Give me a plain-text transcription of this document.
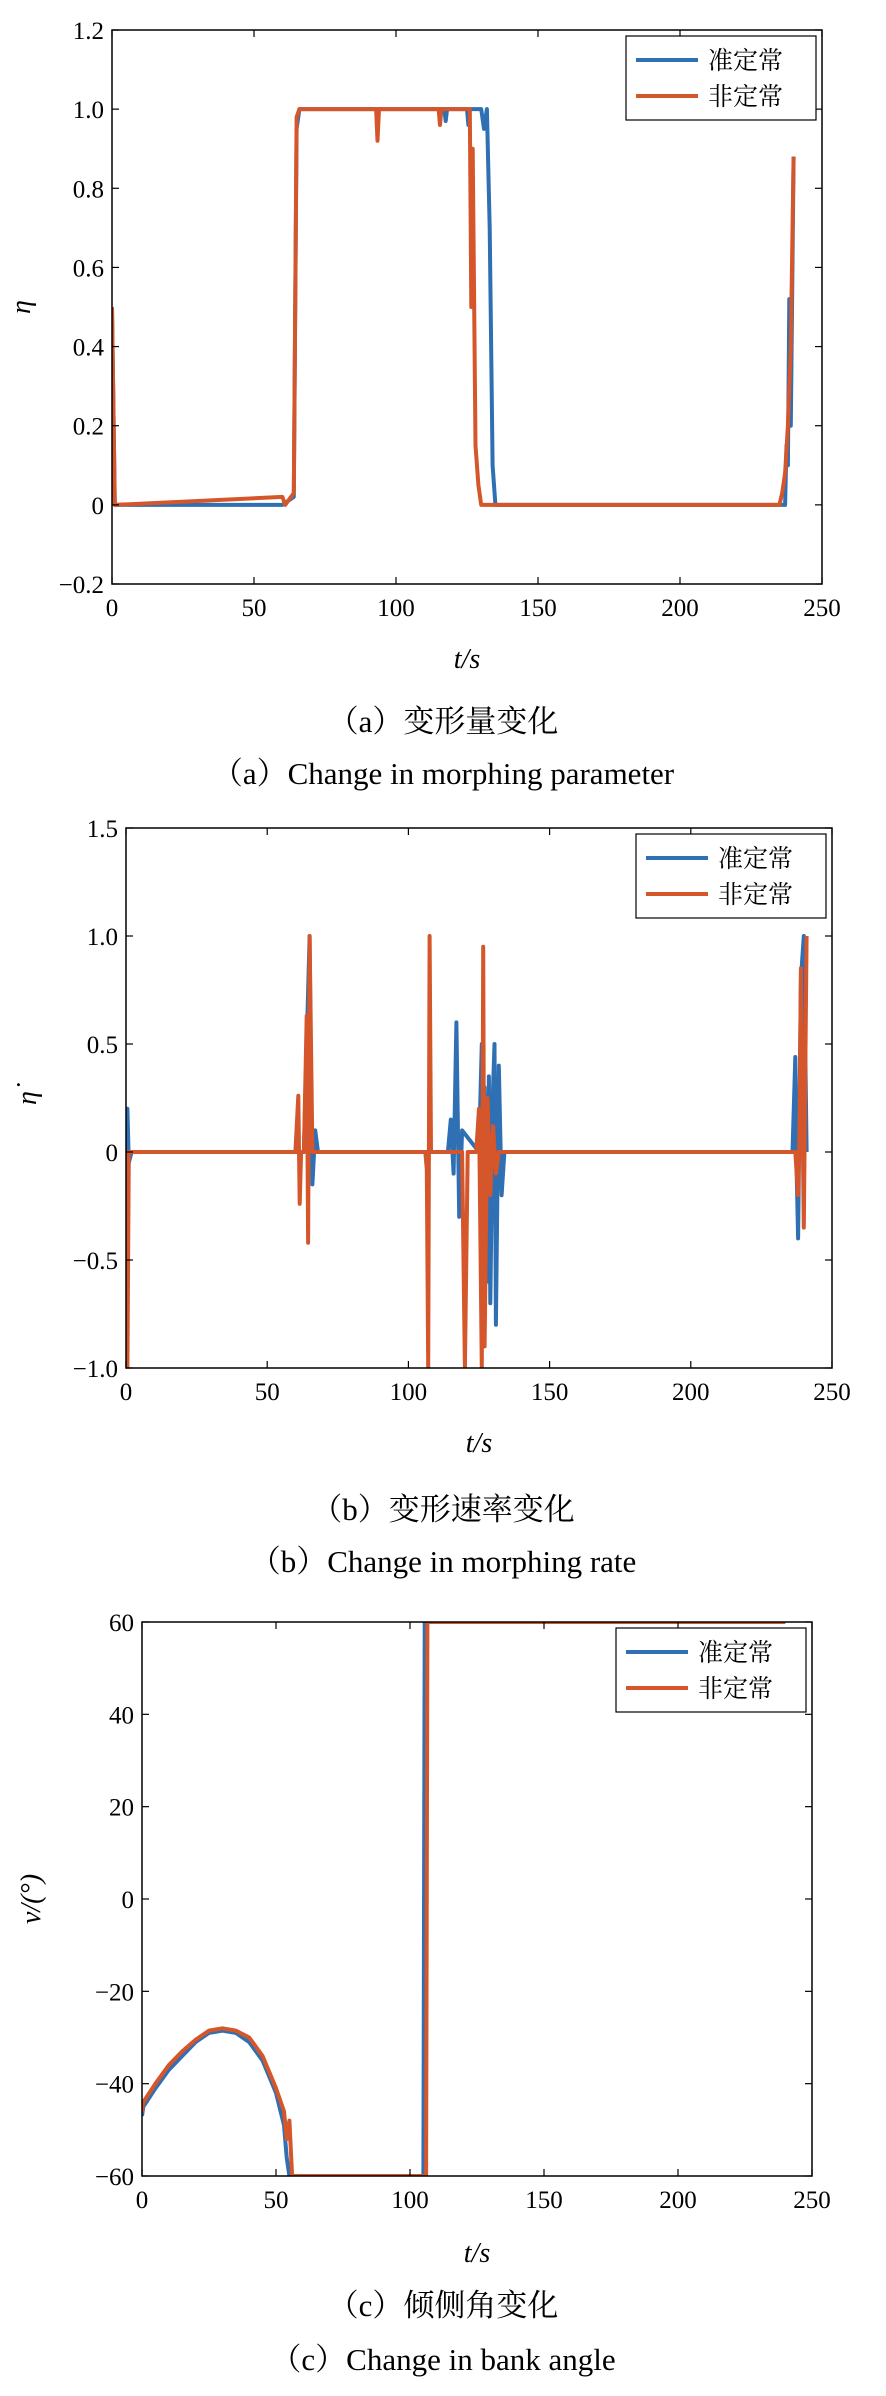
0	50	100	150	200	250
−0.2
0
0.2
0.4
0.6
0.8
1.0
1.2
t/s
η
准定常
非定常
（a）变形量变化
（a）Change in morphing parameter
0	50	100	150	200	250
−1.0
−0.5
0
0.5
1.0
1.5
t/s
η̇
准定常
非定常
（b）变形速率变化
（b）Change in morphing rate
0	50	100	150	200	250
−60
−40
−20
0
20
40
60
t/s
ν/(°)
准定常
非定常
（c）倾侧角变化
（c）Change in bank angle
